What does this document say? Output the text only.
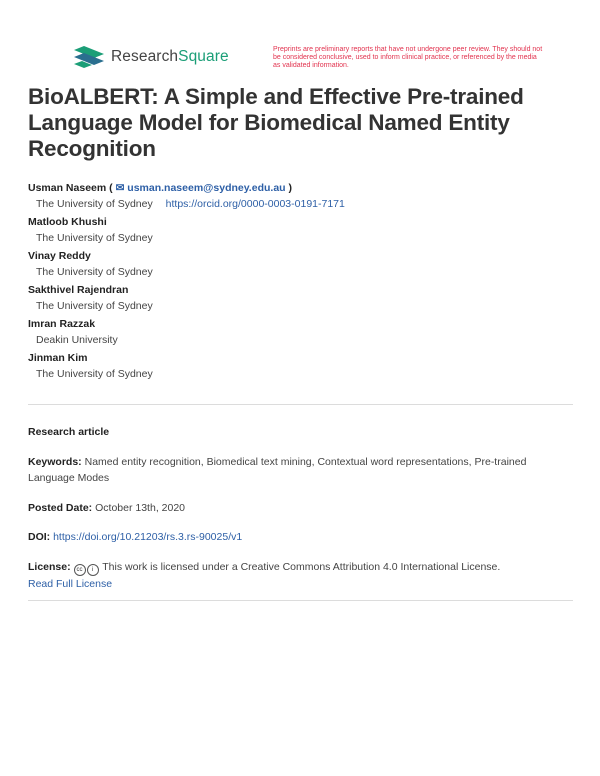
ResearchSquare	Preprints are preliminary reports that have not undergone peer review. They should not be considered conclusive, used to inform clinical practice, or referenced by the media as validated information.
BioALBERT: A Simple and Effective Pre-trained Language Model for Biomedical Named Entity Recognition
Usman Naseem ( ✉ usman.naseem@sydney.edu.au )
The University of Sydney https://orcid.org/0000-0003-0191-7171
Matloob Khushi
The University of Sydney
Vinay Reddy
The University of Sydney
Sakthivel Rajendran
The University of Sydney
Imran Razzak
Deakin University
Jinman Kim
The University of Sydney
Research article
Keywords: Named entity recognition, Biomedical text mining, Contextual word representations, Pre-trained Language Modes
Posted Date: October 13th, 2020
DOI: https://doi.org/10.21203/rs.3.rs-90025/v1
License: cc i This work is licensed under a Creative Commons Attribution 4.0 International License.
Read Full License
